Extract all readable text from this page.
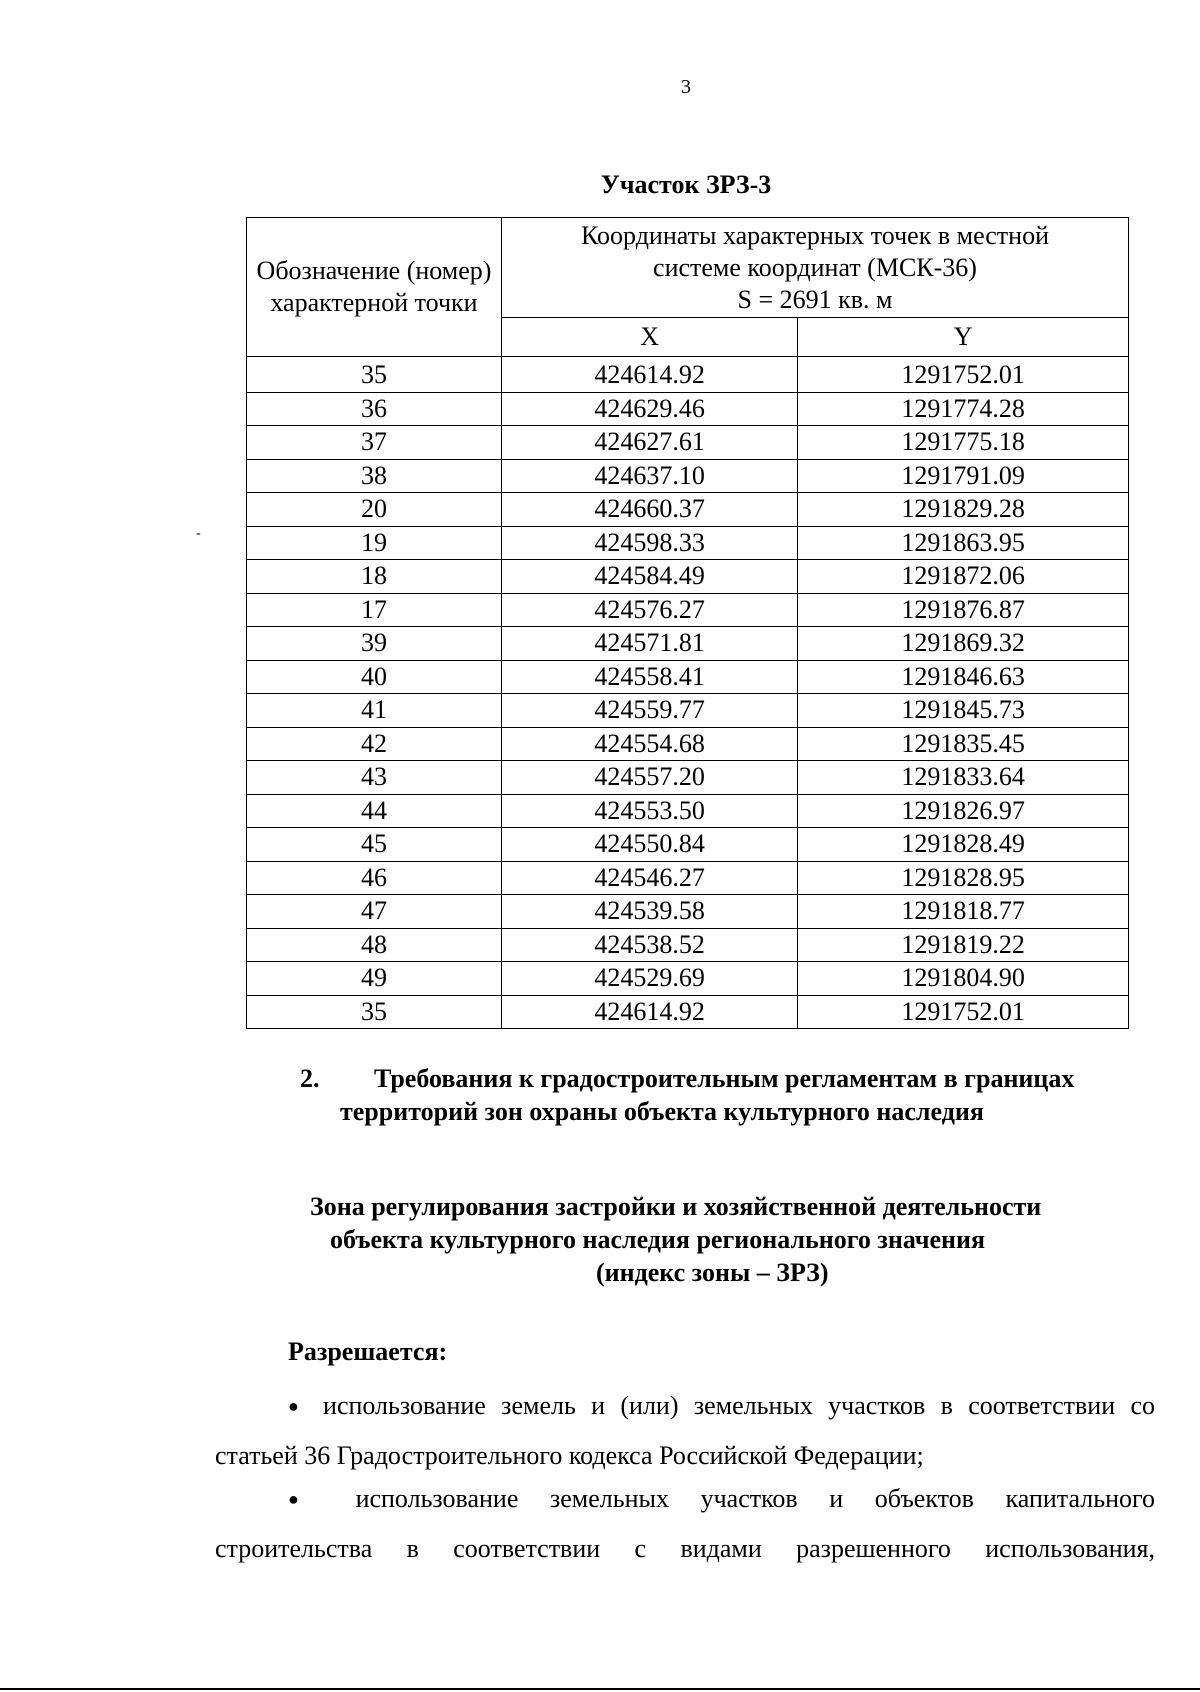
3
Участок ЗРЗ-3
Обозначение (номер) характерной точки	Координаты характерных точек в местной
системе координат (МСК-36)
S = 2691 кв. м	

	X	Y
35	424614.92	1291752.01
36	424629.46	1291774.28
37	424627.61	1291775.18
38	424637.10	1291791.09
20	424660.37	1291829.28
19	424598.33	1291863.95
18	424584.49	1291872.06
17	424576.27	1291876.87
39	424571.81	1291869.32
40	424558.41	1291846.63
41	424559.77	1291845.73
42	424554.68	1291835.45
43	424557.20	1291833.64
44	424553.50	1291826.97
45	424550.84	1291828.49
46	424546.27	1291828.95
47	424539.58	1291818.77
48	424538.52	1291819.22
49	424529.69	1291804.90
35	424614.92	1291752.01
-
2. Требования к градостроительным регламентам в границах
территорий зон охраны объекта культурного наследия
Зона регулирования застройки и хозяйственной деятельности
объекта культурного наследия регионального значения
(индекс зоны – ЗРЗ)
Разрешается:
● использование земель и (или) земельных участков в соответствии со
статьей 36 Градостроительного кодекса Российской Федерации;
● использование земельных участков и объектов капитального
строительства в соответствии с видами разрешенного использования,
